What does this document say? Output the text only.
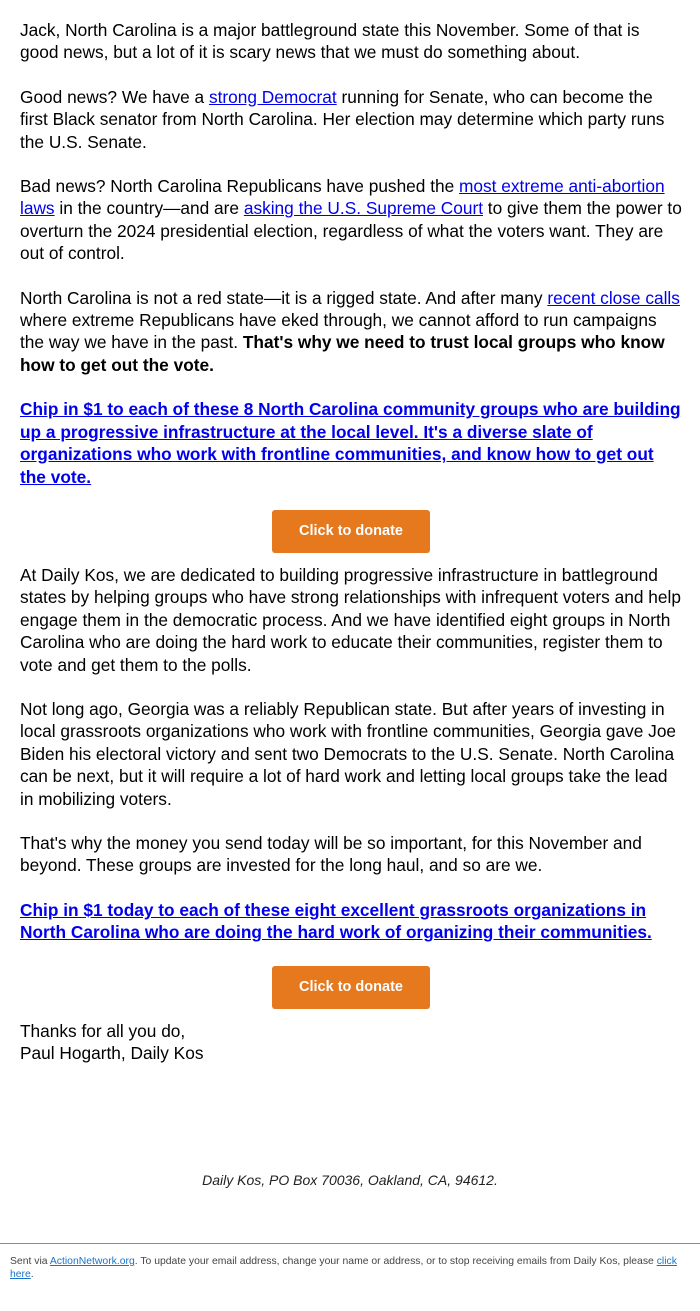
Jack, North Carolina is a major battleground state this November. Some of that is good news, but a lot of it is scary news that we must do something about.

Good news? We have a strong Democrat running for Senate, who can become the first Black senator from North Carolina. Her election may determine which party runs the U.S. Senate.

Bad news? North Carolina Republicans have pushed the most extreme anti-abortion laws in the country—and are asking the U.S. Supreme Court to give them the power to overturn the 2024 presidential election, regardless of what the voters want. They are out of control.

North Carolina is not a red state—it is a rigged state. And after many recent close calls where extreme Republicans have eked through, we cannot afford to run campaigns the way we have in the past. That's why we need to trust local groups who know how to get out the vote.

Chip in $1 to each of these 8 North Carolina community groups who are building up a progressive infrastructure at the local level. It's a diverse slate of organizations who work with frontline communities, and know how to get out the vote.

Click to donate

At Daily Kos, we are dedicated to building progressive infrastructure in battleground states by helping groups who have strong relationships with infrequent voters and help engage them in the democratic process. And we have identified eight groups in North Carolina who are doing the hard work to educate their communities, register them to vote and get them to the polls.

Not long ago, Georgia was a reliably Republican state. But after years of investing in local grassroots organizations who work with frontline communities, Georgia gave Joe Biden his electoral victory and sent two Democrats to the U.S. Senate. North Carolina can be next, but it will require a lot of hard work and letting local groups take the lead in mobilizing voters.

That's why the money you send today will be so important, for this November and beyond. These groups are invested for the long haul, and so are we.

Chip in $1 today to each of these eight excellent grassroots organizations in North Carolina who are doing the hard work of organizing their communities.

Click to donate

Thanks for all you do,
Paul Hogarth, Daily Kos

Daily Kos, PO Box 70036, Oakland, CA, 94612.
Sent via ActionNetwork.org. To update your email address, change your name or address, or to stop receiving emails from Daily Kos, please click here.
